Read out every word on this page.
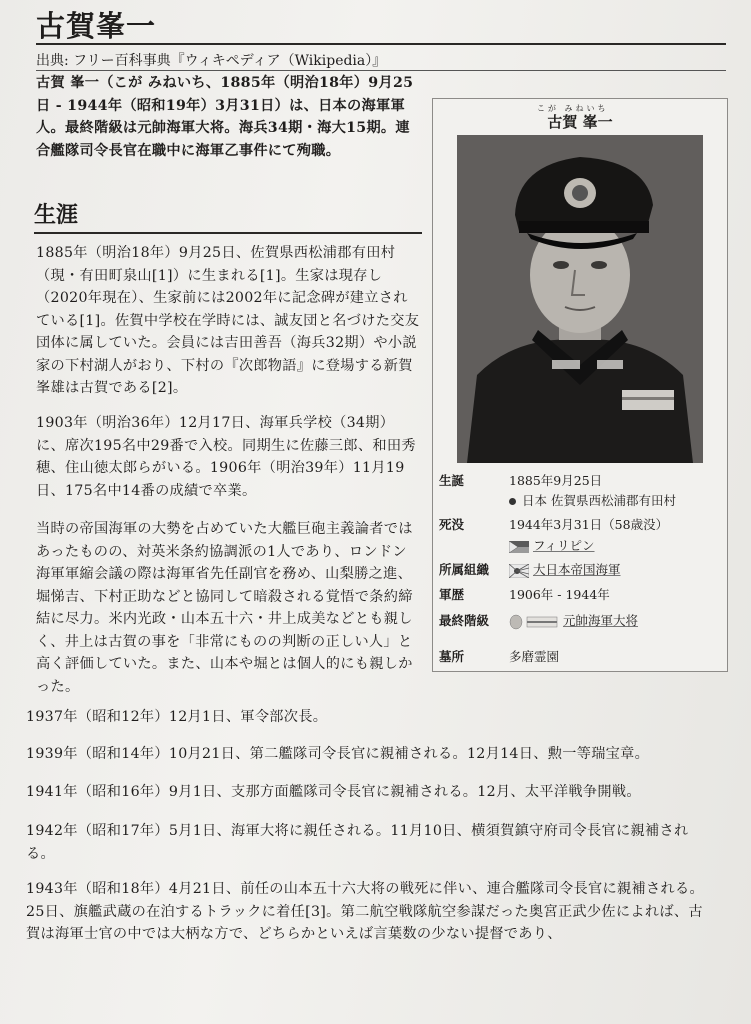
古賀峯一
出典: フリー百科事典『ウィキペディア（Wikipedia）』
古賀 峯一（こが みねいち、1885年（明治18年）9月25日 - 1944年（昭和19年）3月31日）は、日本の海軍軍人。最終階級は元帥海軍大将。海兵34期・海大15期。連合艦隊司令長官在職中に海軍乙事件にて殉職。
生涯
1885年（明治18年）9月25日、佐賀県西松浦郡有田村（現・有田町泉山[1]）に生まれる[1]。生家は現存し（2020年現在）、生家前には2002年に記念碑が建立されている[1]。佐賀中学校在学時には、誠友団と名づけた交友団体に属していた。会員には吉田善吾（海兵32期）や小説家の下村湖人がおり、下村の『次郎物語』に登場する新賀峯雄は古賀である[2]。
1903年（明治36年）12月17日、海軍兵学校（34期）に、席次195名中29番で入校。同期生に佐藤三郎、和田秀穂、住山徳太郎らがいる。1906年（明治39年）11月19日、175名中14番の成績で卒業。
当時の帝国海軍の大勢を占めていた大艦巨砲主義論者ではあったものの、対英米条約協調派の1人であり、ロンドン海軍軍縮会議の際は海軍省先任副官を務め、山梨勝之進、堀悌吉、下村正助などと協同して暗殺される覚悟で条約締結に尽力。米内光政・山本五十六・井上成美などとも親しく、井上は古賀の事を「非常にものの判断の正しい人」と高く評価していた。また、山本や堀とは個人的にも親しかった。
1937年（昭和12年）12月1日、軍令部次長。
1939年（昭和14年）10月21日、第二艦隊司令長官に親補される。12月14日、勲一等瑞宝章。
1941年（昭和16年）9月1日、支那方面艦隊司令長官に親補される。12月、太平洋戦争開戦。
1942年（昭和17年）5月1日、海軍大将に親任される。11月10日、横須賀鎮守府司令長官に親補される。
1943年（昭和18年）4月21日、前任の山本五十六大将の戦死に伴い、連合艦隊司令長官に親補される。25日、旗艦武蔵の在泊するトラックに着任[3]。第二航空戦隊航空参謀だった奥宮正武少佐によれば、古賀は海軍士官の中では大柄な方で、どちらかといえば言葉数の少ない提督であり、
こが みねいち
古賀 峯一
生誕	1885年9月25日
日本 佐賀県西松浦郡有田村
死没	1944年3月31日（58歳没）
フィリピン
所属組織	大日本帝国海軍
軍歴	1906年 - 1944年
最終階級	元帥海軍大将
墓所	多磨霊園
